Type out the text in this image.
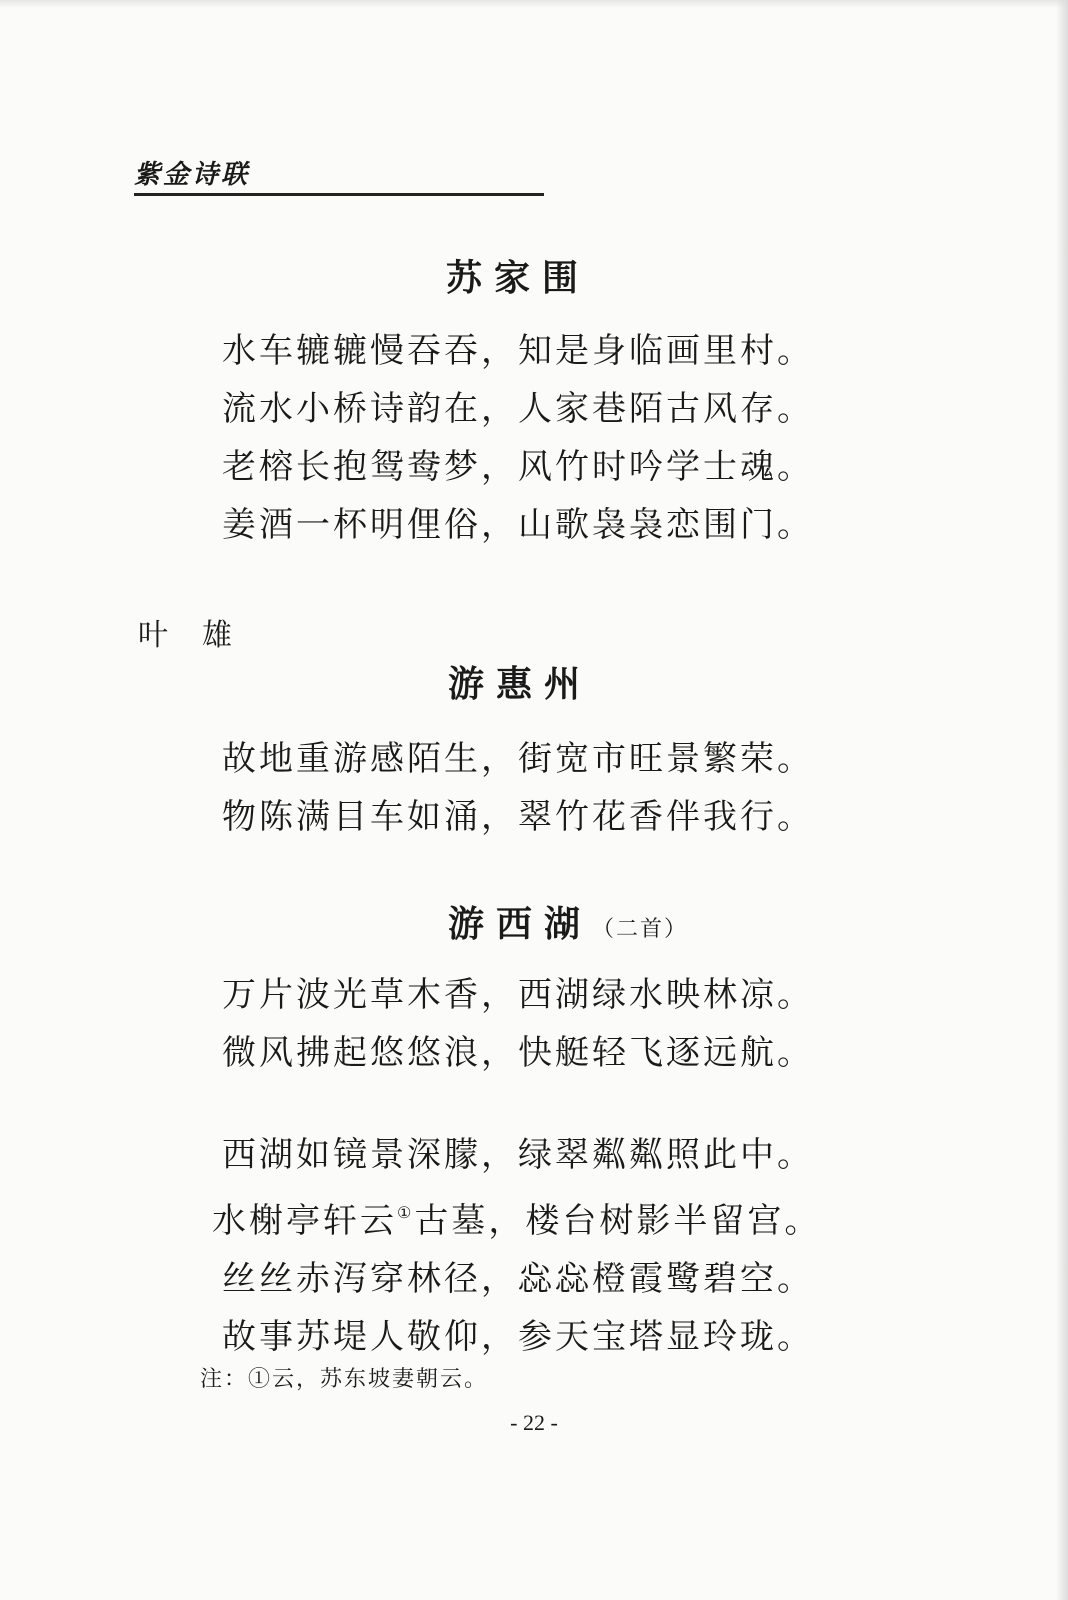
紫金诗联
苏家围
水车辘辘慢吞吞，知是身临画里村。
流水小桥诗韵在，人家巷陌古风存。
老榕长抱鸳鸯梦，风竹时吟学士魂。
姜酒一杯明俚俗，山歌袅袅恋围门。
叶雄
游惠州
故地重游感陌生，街宽市旺景繁荣。
物陈满目车如涌，翠竹花香伴我行。
游西湖（二首）
万片波光草木香，西湖绿水映林凉。
微风拂起悠悠浪，快艇轻飞逐远航。
西湖如镜景深朦，绿翠粼粼照此中。
水榭亭轩云①古墓，楼台树影半留宫。
丝丝赤泻穿林径，惢惢橙霞鹭碧空。
故事苏堤人敬仰，参天宝塔显玲珑。
注：①云，苏东坡妻朝云。
- 22 -
